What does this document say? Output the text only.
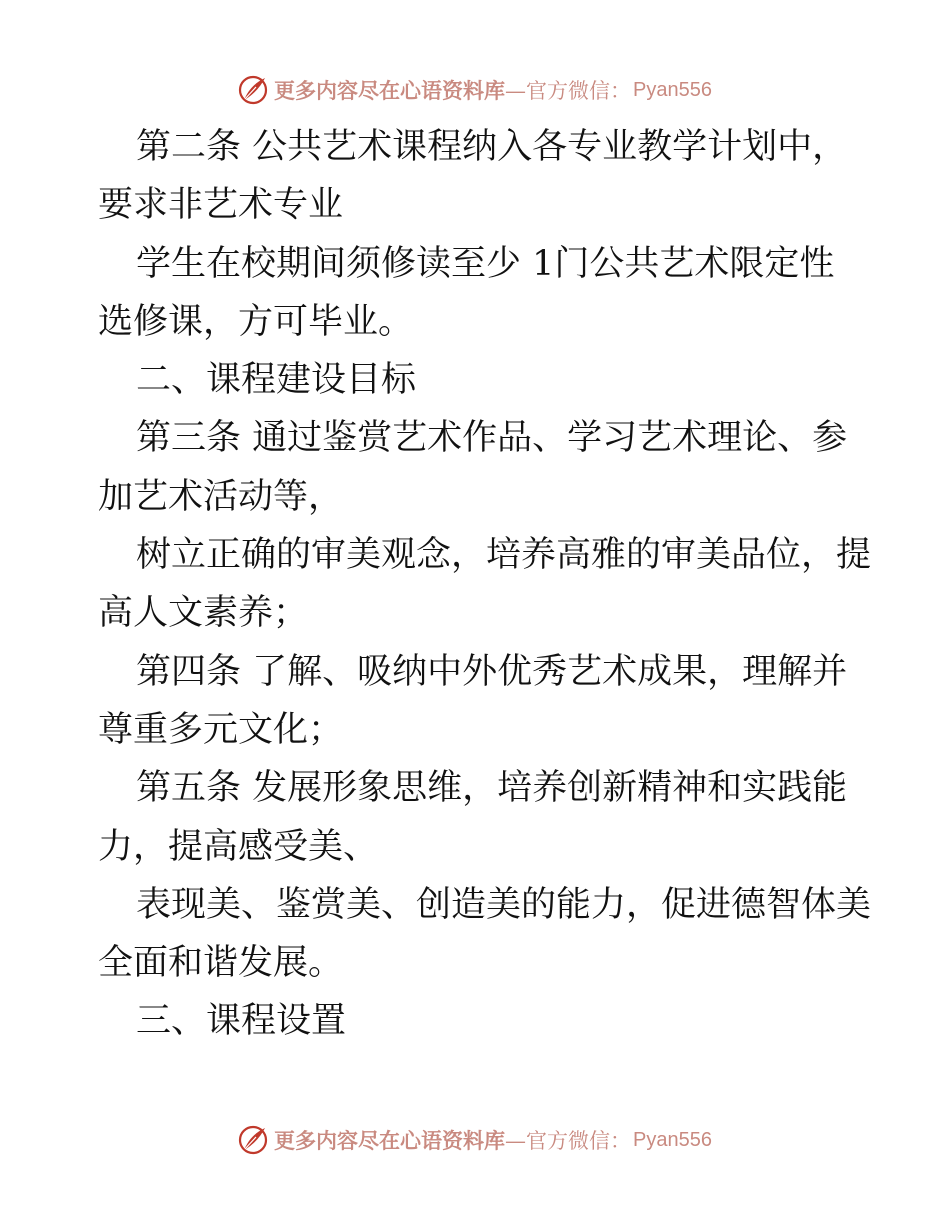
更多内容尽在心语资料库 —官方微信： Pyan556
第二条 公共艺术课程纳入各专业教学计划中，
要求非艺术专业
学生在校期间须修读至少 1门公共艺术限定性
选修课，方可毕业。
二、课程建设目标
第三条 通过鉴赏艺术作品、学习艺术理论、参
加艺术活动等，
树立正确的审美观念，培养高雅的审美品位，提
高人文素养；
第四条 了解、吸纳中外优秀艺术成果，理解并
尊重多元文化；
第五条 发展形象思维，培养创新精神和实践能
力，提高感受美、
表现美、鉴赏美、创造美的能力，促进德智体美
全面和谐发展。
三、课程设置
更多内容尽在心语资料库 —官方微信： Pyan556
